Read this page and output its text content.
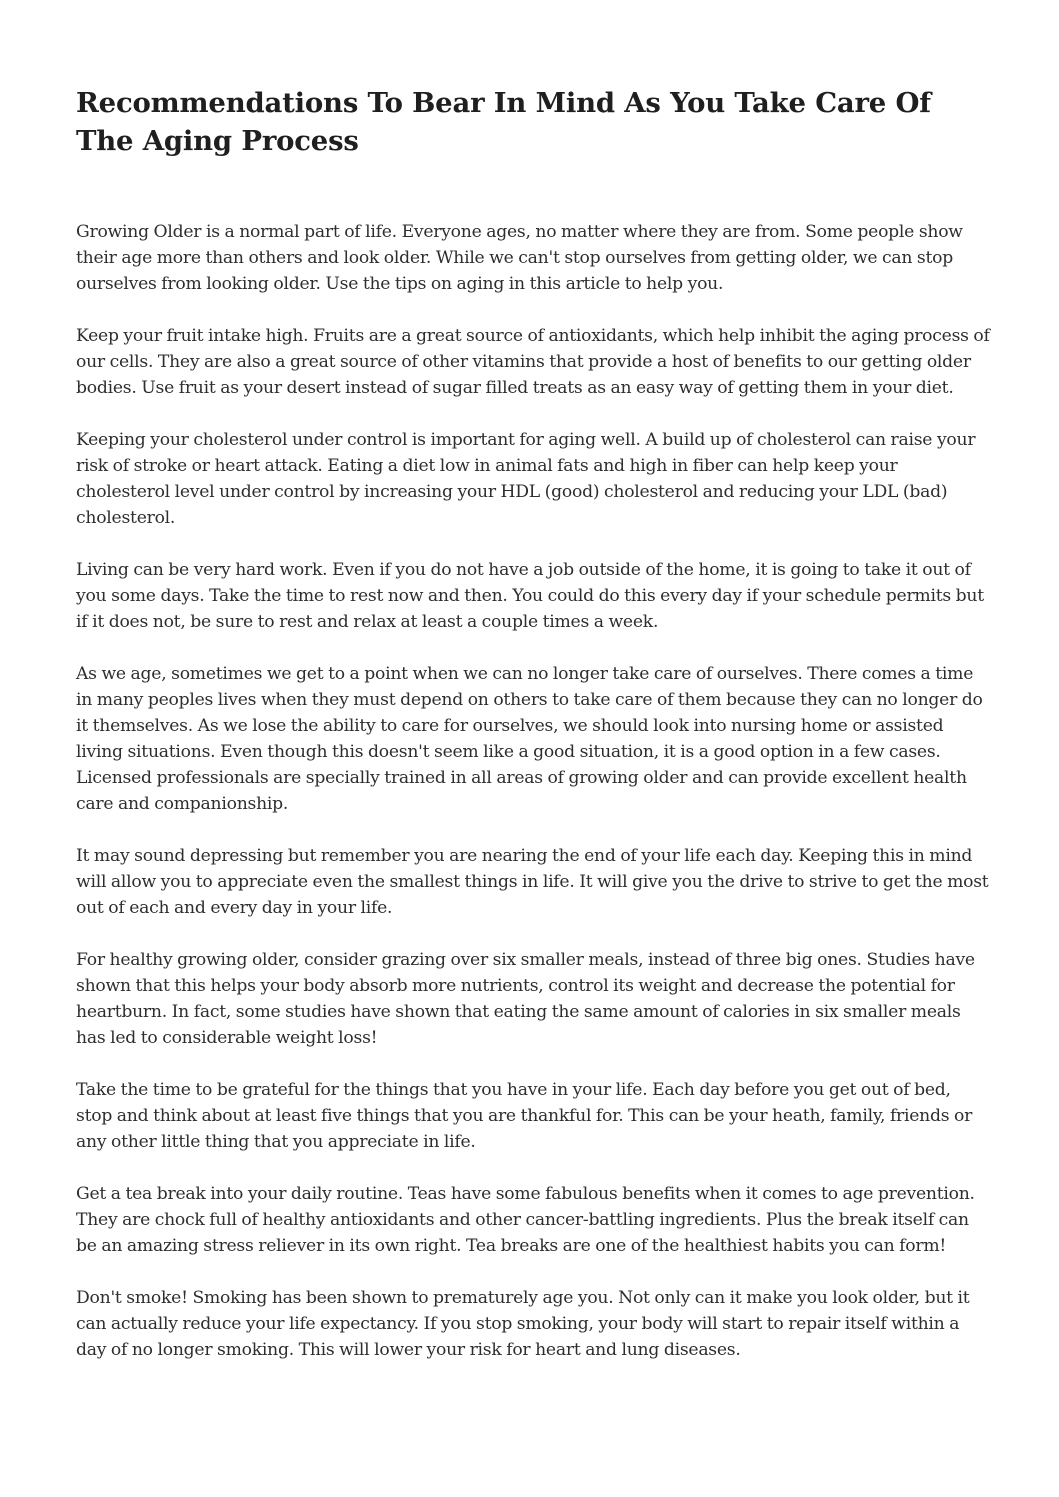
Recommendations To Bear In Mind As You Take Care Of The Aging Process

Growing Older is a normal part of life. Everyone ages, no matter where they are from. Some people show their age more than others and look older. While we can't stop ourselves from getting older, we can stop ourselves from looking older. Use the tips on aging in this article to help you.

Keep your fruit intake high. Fruits are a great source of antioxidants, which help inhibit the aging process of our cells. They are also a great source of other vitamins that provide a host of benefits to our getting older bodies. Use fruit as your desert instead of sugar filled treats as an easy way of getting them in your diet.

Keeping your cholesterol under control is important for aging well. A build up of cholesterol can raise your risk of stroke or heart attack. Eating a diet low in animal fats and high in fiber can help keep your cholesterol level under control by increasing your HDL (good) cholesterol and reducing your LDL (bad) cholesterol.

Living can be very hard work. Even if you do not have a job outside of the home, it is going to take it out of you some days. Take the time to rest now and then. You could do this every day if your schedule permits but if it does not, be sure to rest and relax at least a couple times a week.

As we age, sometimes we get to a point when we can no longer take care of ourselves. There comes a time in many peoples lives when they must depend on others to take care of them because they can no longer do it themselves. As we lose the ability to care for ourselves, we should look into nursing home or assisted living situations. Even though this doesn't seem like a good situation, it is a good option in a few cases. Licensed professionals are specially trained in all areas of growing older and can provide excellent health care and companionship.

It may sound depressing but remember you are nearing the end of your life each day. Keeping this in mind will allow you to appreciate even the smallest things in life. It will give you the drive to strive to get the most out of each and every day in your life.

For healthy growing older, consider grazing over six smaller meals, instead of three big ones. Studies have shown that this helps your body absorb more nutrients, control its weight and decrease the potential for heartburn. In fact, some studies have shown that eating the same amount of calories in six smaller meals has led to considerable weight loss!

Take the time to be grateful for the things that you have in your life. Each day before you get out of bed, stop and think about at least five things that you are thankful for. This can be your heath, family, friends or any other little thing that you appreciate in life.

Get a tea break into your daily routine. Teas have some fabulous benefits when it comes to age prevention. They are chock full of healthy antioxidants and other cancer-battling ingredients. Plus the break itself can be an amazing stress reliever in its own right. Tea breaks are one of the healthiest habits you can form!

Don't smoke! Smoking has been shown to prematurely age you. Not only can it make you look older, but it can actually reduce your life expectancy. If you stop smoking, your body will start to repair itself within a day of no longer smoking. This will lower your risk for heart and lung diseases.
